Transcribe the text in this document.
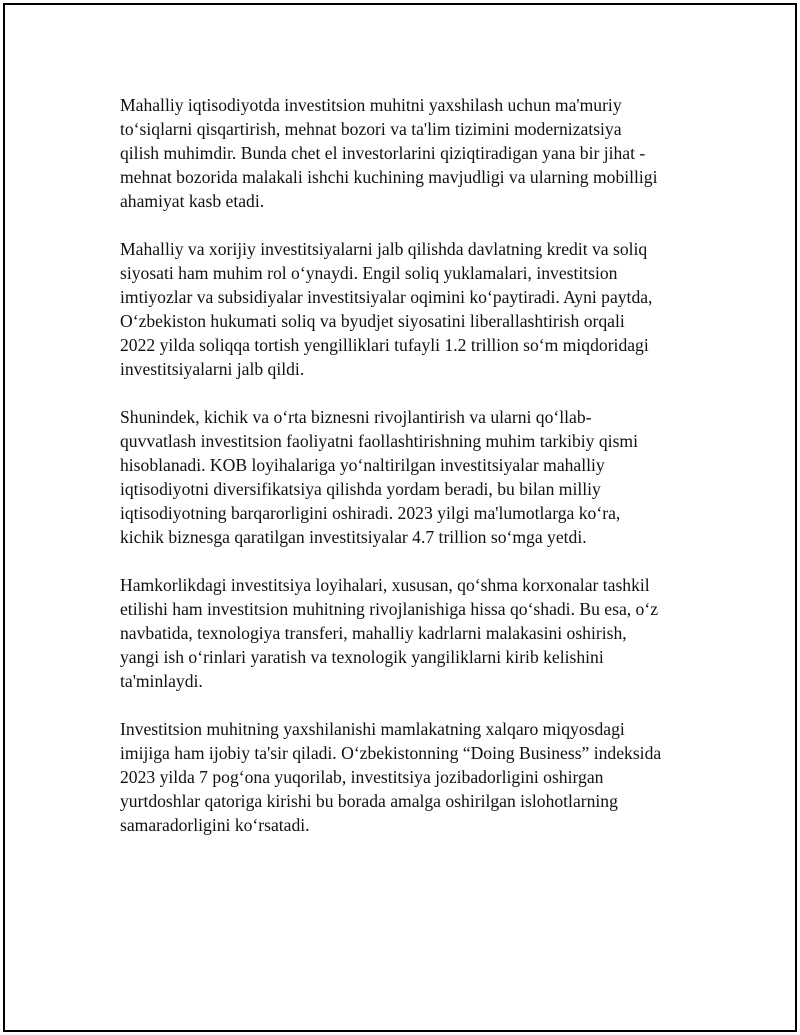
Mahalliy iqtisodiyotda investitsion muhitni yaxshilash uchun ma'muriy
to‘siqlarni qisqartirish, mehnat bozori va ta'lim tizimini modernizatsiya
qilish muhimdir. Bunda chet el investorlarini qiziqtiradigan yana bir jihat -
mehnat bozorida malakali ishchi kuchining mavjudligi va ularning mobilligi
ahamiyat kasb etadi.

Mahalliy va xorijiy investitsiyalarni jalb qilishda davlatning kredit va soliq
siyosati ham muhim rol o‘ynaydi. Engil soliq yuklamalari, investitsion
imtiyozlar va subsidiyalar investitsiyalar oqimini ko‘paytiradi. Ayni paytda,
O‘zbekiston hukumati soliq va byudjet siyosatini liberallashtirish orqali
2022 yilda soliqqa tortish yengilliklari tufayli 1.2 trillion so‘m miqdoridagi
investitsiyalarni jalb qildi.

Shunindek, kichik va o‘rta biznesni rivojlantirish va ularni qo‘llab-
quvvatlash investitsion faoliyatni faollashtirishning muhim tarkibiy qismi
hisoblanadi. KOB loyihalariga yo‘naltirilgan investitsiyalar mahalliy
iqtisodiyotni diversifikatsiya qilishda yordam beradi, bu bilan milliy
iqtisodiyotning barqarorligini oshiradi. 2023 yilgi ma'lumotlarga ko‘ra,
kichik biznesga qaratilgan investitsiyalar 4.7 trillion so‘mga yetdi.

Hamkorlikdagi investitsiya loyihalari, xususan, qo‘shma korxonalar tashkil
etilishi ham investitsion muhitning rivojlanishiga hissa qo‘shadi. Bu esa, o‘z
navbatida, texnologiya transferi, mahalliy kadrlarni malakasini oshirish,
yangi ish o‘rinlari yaratish va texnologik yangiliklarni kirib kelishini
ta'minlaydi.

Investitsion muhitning yaxshilanishi mamlakatning xalqaro miqyosdagi
imijiga ham ijobiy ta'sir qiladi. O‘zbekistonning “Doing Business” indeksida
2023 yilda 7 pog‘ona yuqorilab, investitsiya jozibadorligini oshirgan
yurtdoshlar qatoriga kirishi bu borada amalga oshirilgan islohotlarning
samaradorligini ko‘rsatadi.
